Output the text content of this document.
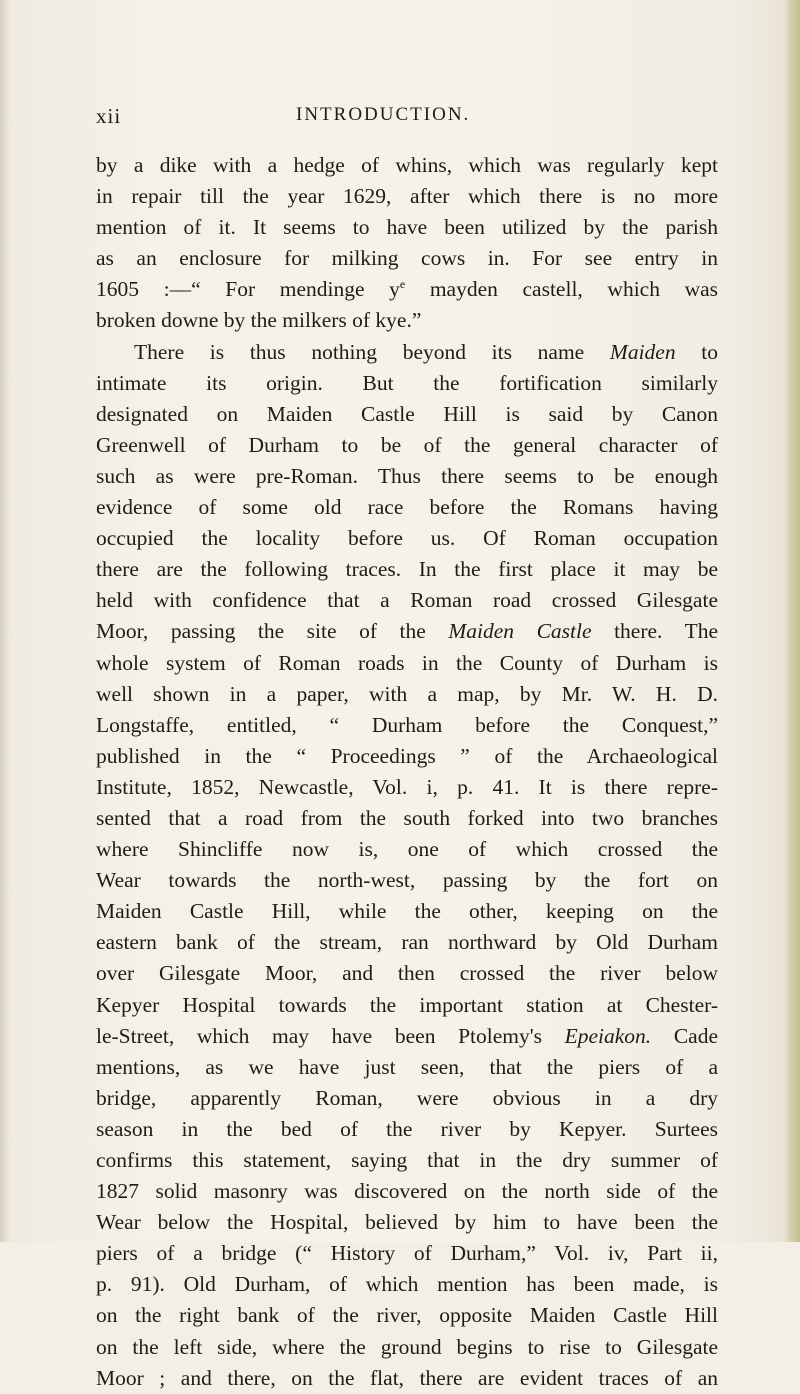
xii	INTRODUCTION.
by a dike with a hedge of whins, which was regularly kept
in repair till the year 1629, after which there is no more
mention of it. It seems to have been utilized by the parish
as an enclosure for milking cows in. For see entry in
1605 :—“ For mendinge $y^e$ mayden castell, which was
broken downe by the milkers of kye.”
There is thus nothing beyond its name Maiden to
intimate its origin. But the fortification similarly
designated on Maiden Castle Hill is said by Canon
Greenwell of Durham to be of the general character of
such as were pre-Roman. Thus there seems to be enough
evidence of some old race before the Romans having
occupied the locality before us. Of Roman occupation
there are the following traces. In the first place it may be
held with confidence that a Roman road crossed Gilesgate
Moor, passing the site of the Maiden Castle there. The
whole system of Roman roads in the County of Durham is
well shown in a paper, with a map, by Mr. W. H. D.
Longstaffe, entitled, “ Durham before the Conquest,”
published in the “ Proceedings ” of the Archaeological
Institute, 1852, Newcastle, Vol. i, p. 41. It is there repre-
sented that a road from the south forked into two branches
where Shincliffe now is, one of which crossed the
Wear towards the north-west, passing by the fort on
Maiden Castle Hill, while the other, keeping on the
eastern bank of the stream, ran northward by Old Durham
over Gilesgate Moor, and then crossed the river below
Kepyer Hospital towards the important station at Chester-
le-Street, which may have been Ptolemy's Epeiakon. Cade
mentions, as we have just seen, that the piers of a
bridge, apparently Roman, were obvious in a dry
season in the bed of the river by Kepyer. Surtees
confirms this statement, saying that in the dry summer of
1827 solid masonry was discovered on the north side of the
Wear below the Hospital, believed by him to have been the
piers of a bridge (“ History of Durham,” Vol. iv, Part ii,
p. 91). Old Durham, of which mention has been made, is
on the right bank of the river, opposite Maiden Castle Hill
on the left side, where the ground begins to rise to Gilesgate
Moor ; and there, on the flat, there are evident traces of an
